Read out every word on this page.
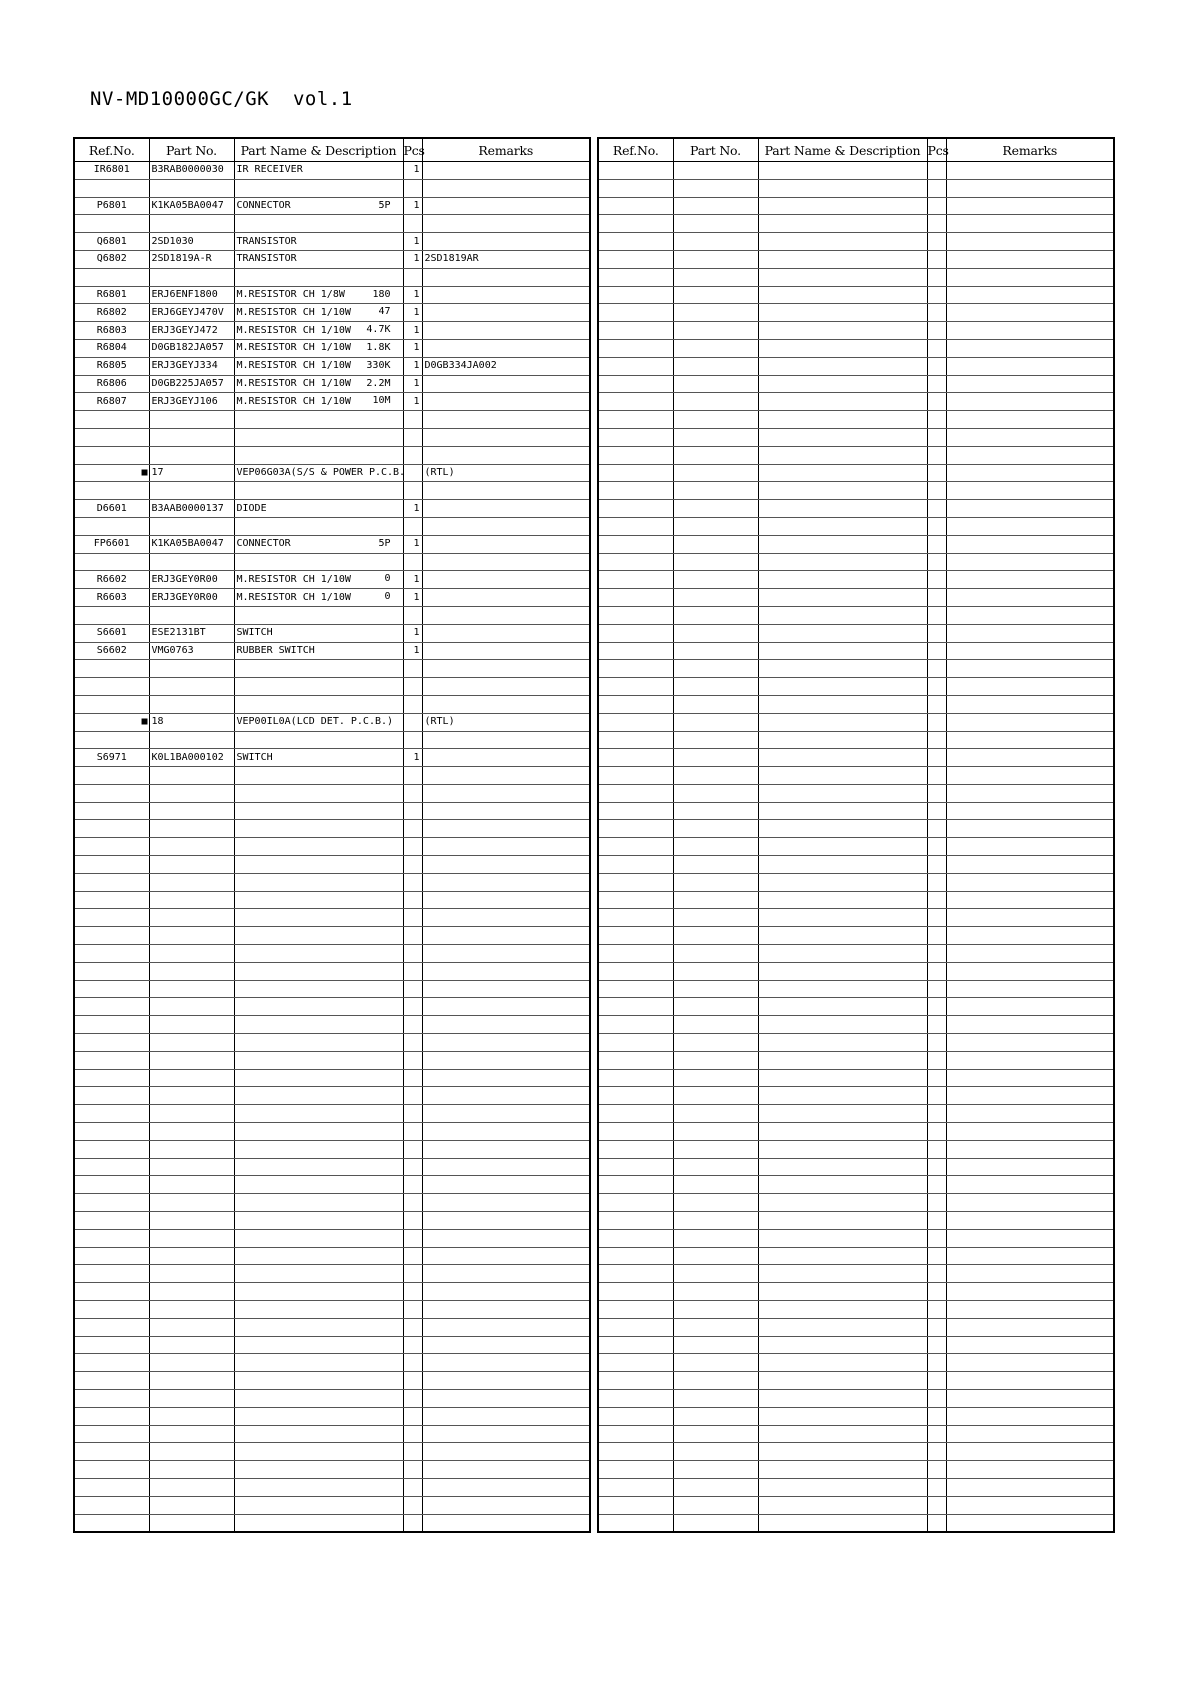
NV-MD10000GC/GK  vol.1
Ref.No.	Part No.	Part Name & Description	Pcs	Remarks
IR6801	B3RAB0000030	IR RECEIVER	1	

P6801	K1KA05BA0047	CONNECTOR 5P	1	

Q6801	2SD1030	TRANSISTOR	1	
Q6802	2SD1819A-R	TRANSISTOR	1	2SD1819AR

R6801	ERJ6ENF1800	M.RESISTOR CH 1/8W 180	1	
R6802	ERJ6GEYJ470V	M.RESISTOR CH 1/10W 47	1	
R6803	ERJ3GEYJ472	M.RESISTOR CH 1/10W 4.7K	1	
R6804	D0GB182JA057	M.RESISTOR CH 1/10W 1.8K	1	
R6805	ERJ3GEYJ334	M.RESISTOR CH 1/10W 330K	1	D0GB334JA002
R6806	D0GB225JA057	M.RESISTOR CH 1/10W 2.2M	1	
R6807	ERJ3GEYJ106	M.RESISTOR CH 1/10W 10M	1	

■	17	VEP06G03A(S/S & POWER P.C.B.		(RTL)

D6601	B3AAB0000137	DIODE	1	

FP6601	K1KA05BA0047	CONNECTOR 5P	1	

R6602	ERJ3GEY0R00	M.RESISTOR CH 1/10W 0	1	
R6603	ERJ3GEY0R00	M.RESISTOR CH 1/10W 0	1	

S6601	ESE2131BT	SWITCH	1	
S6602	VMG0763	RUBBER SWITCH	1	

■	18	VEP00IL0A(LCD DET. P.C.B.)		(RTL)

S6971	K0L1BA000102	SWITCH	1	

Ref.No.	Part No.	Part Name & Description	Pcs	Remarks
